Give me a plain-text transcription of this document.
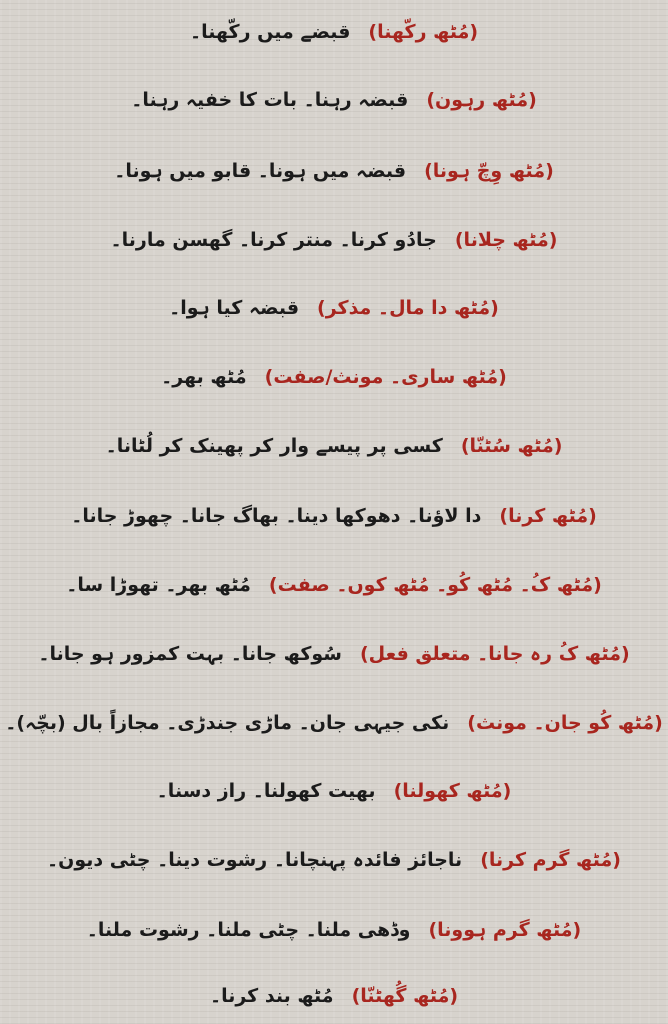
(مُٹھ رکّھنا)قبضے میں رکّھنا۔
(مُٹھ رہون)قبضہ رہنا۔ بات کا خفیہ رہنا۔
(مُٹھ وِچّ ہونا)قبضہ میں ہونا۔ قابو میں ہونا۔
(مُٹھ چلانا)جادُو کرنا۔ منتر کرنا۔ گھسن مارنا۔
(مُٹھ دا مال۔ مذکر)قبضہ کیا ہوا۔
(مُٹھ ساری۔ مونث/صفت)مُٹھ بھر۔
(مُٹھ سُٹنّا)کسی پر پیسے وار کر پھینک کر لُٹانا۔
(مُٹھ کرنا)دا لاؤنا۔ دھوکھا دینا۔ بھاگ جانا۔ چھوڑ جانا۔
(مُٹھ کُ۔ مُٹھ کُو۔ مُٹھ کوں۔ صفت)مُٹھ بھر۔ تھوڑا سا۔
(مُٹھ کُ رہ جانا۔ متعلق فعل)سُوکھ جانا۔ بہت کمزور ہو جانا۔
(مُٹھ کُو جان۔ مونث)نکی جیہی جان۔ ماڑی جندڑی۔ مجازاً بال (بچّہ)۔
(مُٹھ کھولنا)بھیت کھولنا۔ راز دسنا۔
(مُٹھ گرم کرنا)ناجائز فائدہ پہنچانا۔ رشوت دینا۔ چٹی دیون۔
(مُٹھ گرم ہوونا)وڈھی ملنا۔ چٹی ملنا۔ رشوت ملنا۔
(مُٹھ گُھٹنّا)مُٹھ بند کرنا۔
